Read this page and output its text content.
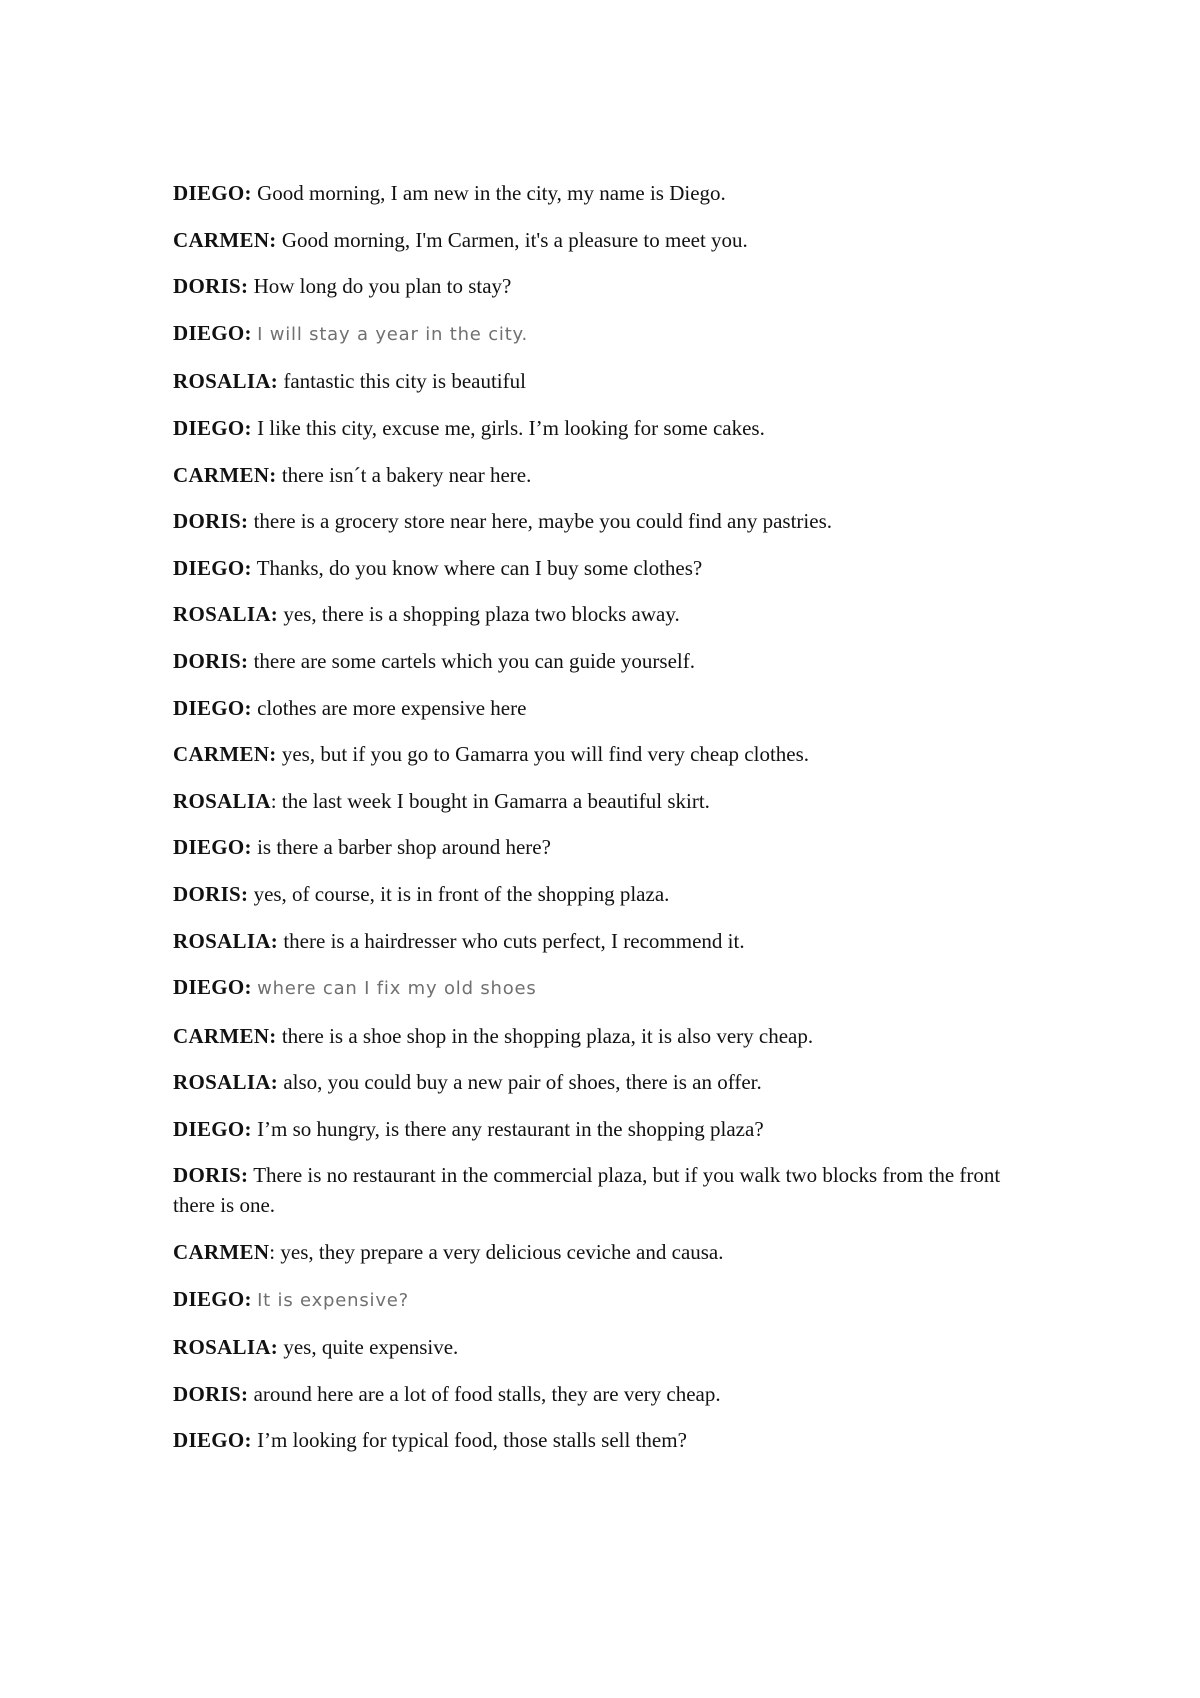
DIEGO: Good morning, I am new in the city, my name is Diego.

CARMEN: Good morning, I'm Carmen, it's a pleasure to meet you.

DORIS: How long do you plan to stay?

DIEGO: I will stay a year in the city.

ROSALIA: fantastic this city is beautiful

DIEGO: I like this city, excuse me, girls. I’m looking for some cakes.

CARMEN: there isn´t a bakery near here.

DORIS: there is a grocery store near here, maybe you could find any pastries.

DIEGO: Thanks, do you know where can I buy some clothes?

ROSALIA: yes, there is a shopping plaza two blocks away.

DORIS: there are some cartels which you can guide yourself.

DIEGO: clothes are more expensive here

CARMEN: yes, but if you go to Gamarra you will find very cheap clothes.

ROSALIA: the last week I bought in Gamarra a beautiful skirt.

DIEGO: is there a barber shop around here?

DORIS: yes, of course, it is in front of the shopping plaza.

ROSALIA: there is a hairdresser who cuts perfect, I recommend it.

DIEGO: where can I fix my old shoes

CARMEN: there is a shoe shop in the shopping plaza, it is also very cheap.

ROSALIA: also, you could buy a new pair of shoes, there is an offer.

DIEGO: I’m so hungry, is there any restaurant in the shopping plaza?

DORIS: There is no restaurant in the commercial plaza, but if you walk two blocks from the front there is one.

CARMEN: yes, they prepare a very delicious ceviche and causa.

DIEGO: It is expensive?

ROSALIA: yes, quite expensive.

DORIS: around here are a lot of food stalls, they are very cheap.

DIEGO: I’m looking for typical food, those stalls sell them?
